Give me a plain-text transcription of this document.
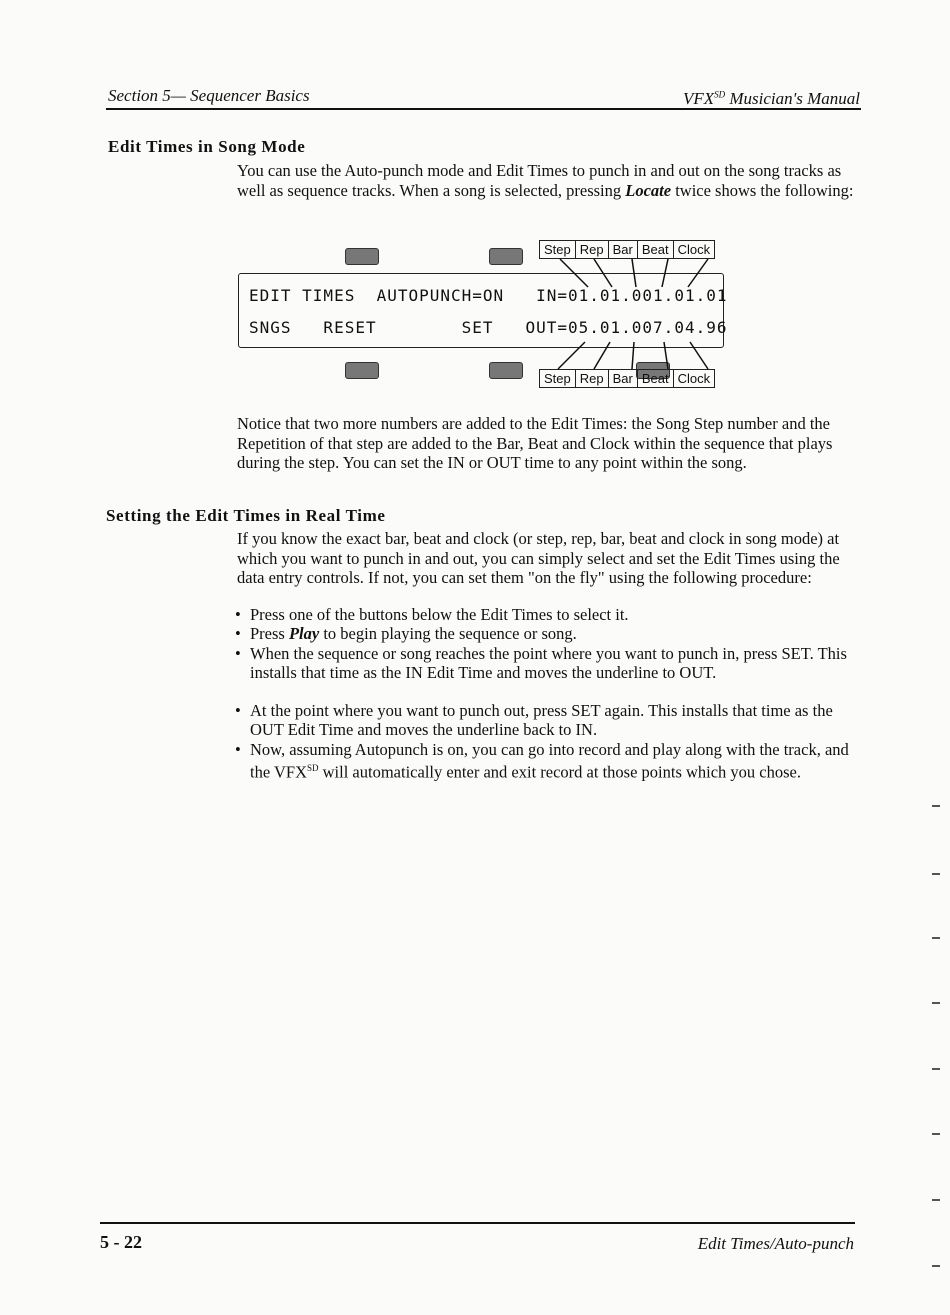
Section 5— Sequencer Basics	$VFX^{SD}$ Musician's Manual
Edit Times in Song Mode

You can use the Auto-punch mode and Edit Times to punch in and out on the song tracks as well as sequence tracks. When a song is selected, pressing Locate twice shows the following:

Step Rep Bar Beat Clock
EDIT TIMES  AUTOPUNCH=ON   IN=01.01.001.01.01
SNGS   RESET        SET   OUT=05.01.007.04.96
Step Rep Bar Beat Clock

Notice that two more numbers are added to the Edit Times: the Song Step number and the Repetition of that step are added to the Bar, Beat and Clock within the sequence that plays during the step. You can set the IN or OUT time to any point within the song.

Setting the Edit Times in Real Time

If you know the exact bar, beat and clock (or step, rep, bar, beat and clock in song mode) at which you want to punch in and out, you can simply select and set the Edit Times using the data entry controls. If not, you can set them "on the fly" using the following procedure:

• Press one of the buttons below the Edit Times to select it.
• Press Play to begin playing the sequence or song.
• When the sequence or song reaches the point where you want to punch in, press SET. This installs that time as the IN Edit Time and moves the underline to OUT.
• At the point where you want to punch out, press SET again. This installs that time as the OUT Edit Time and moves the underline back to IN.
• Now, assuming Autopunch is on, you can go into record and play along with the track, and the $VFX^{SD}$ will automatically enter and exit record at those points which you chose.
5 - 22	Edit Times/Auto-punch
